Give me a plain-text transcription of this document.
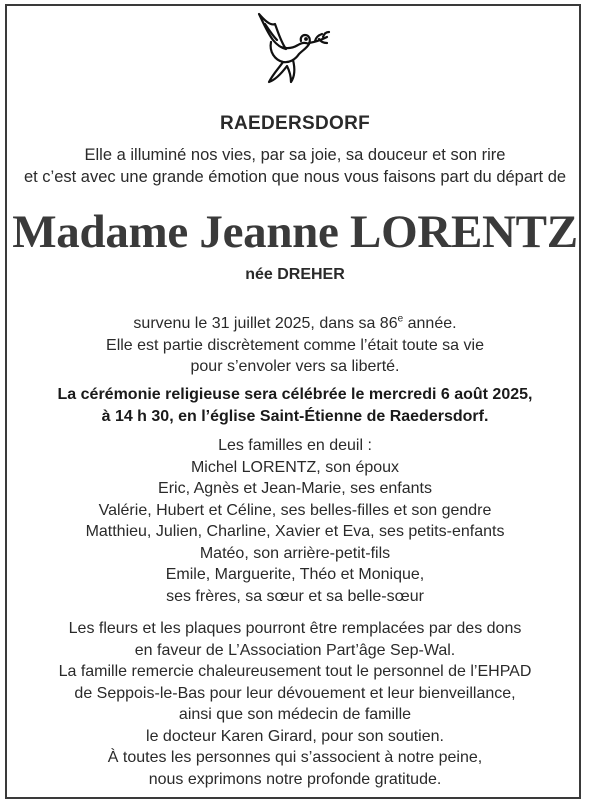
RAEDERSDORF
Elle a illuminé nos vies, par sa joie, sa douceur et son rire
et c’est avec une grande émotion que nous vous faisons part du départ de
Madame Jeanne LORENTZ
née DREHER
survenu le 31 juillet 2025, dans sa 86e année.
Elle est partie discrètement comme l’était toute sa vie
pour s’envoler vers sa liberté.
La cérémonie religieuse sera célébrée le mercredi 6 août 2025,
à 14 h 30, en l’église Saint-Étienne de Raedersdorf.
Les familles en deuil :
Michel LORENTZ, son époux
Eric, Agnès et Jean-Marie, ses enfants
Valérie, Hubert et Céline, ses belles-filles et son gendre
Matthieu, Julien, Charline, Xavier et Eva, ses petits-enfants
Matéo, son arrière-petit-fils
Emile, Marguerite, Théo et Monique,
ses frères, sa sœur et sa belle-sœur
Les fleurs et les plaques pourront être remplacées par des dons
en faveur de L’Association Part’âge Sep-Wal.
La famille remercie chaleureusement tout le personnel de l’EHPAD
de Seppois-le-Bas pour leur dévouement et leur bienveillance,
ainsi que son médecin de famille
le docteur Karen Girard, pour son soutien.
À toutes les personnes qui s’associent à notre peine,
nous exprimons notre profonde gratitude.
